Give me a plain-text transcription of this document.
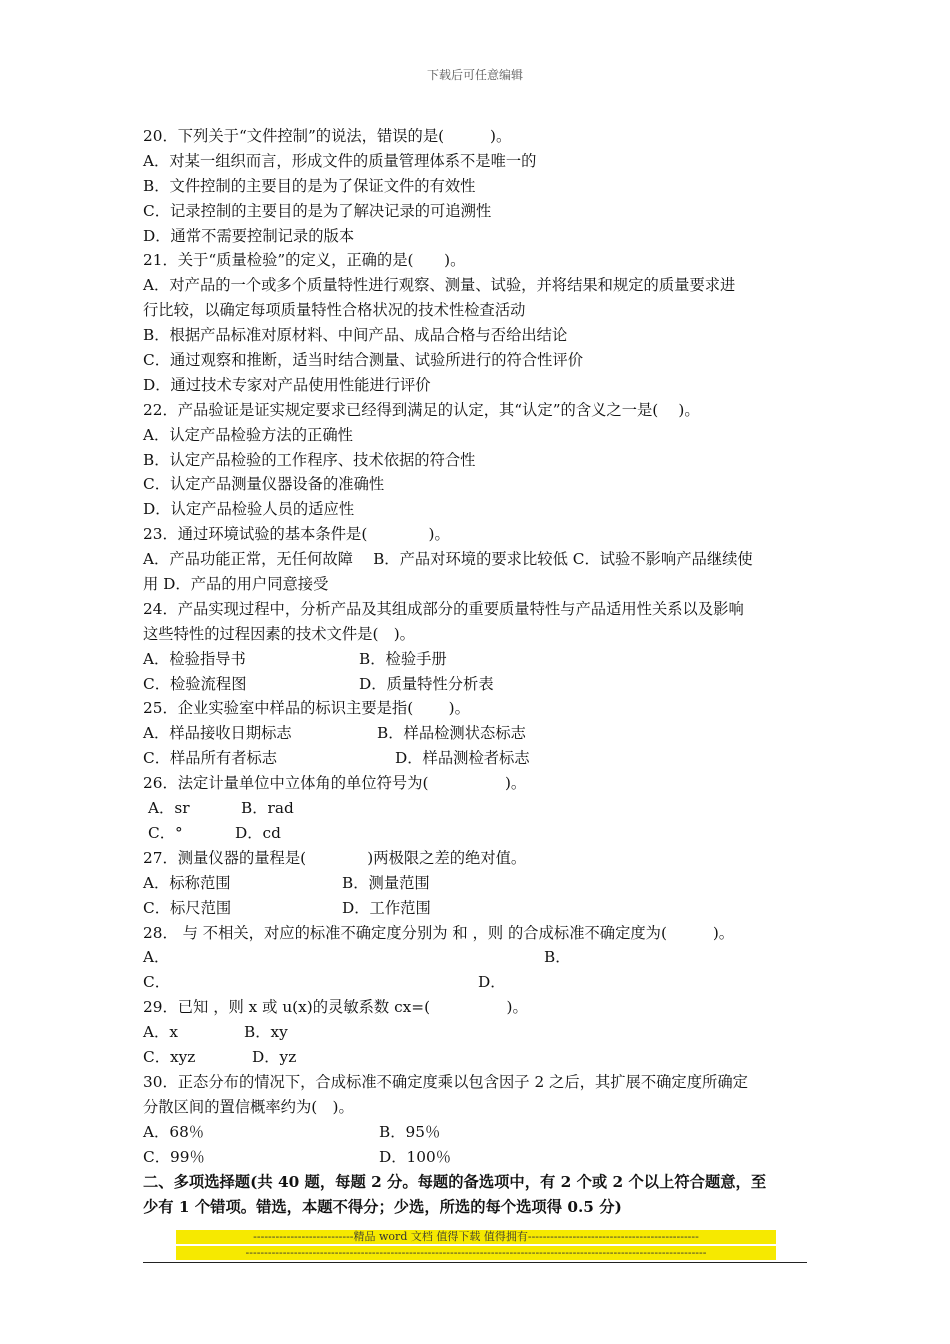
下载后可任意编辑
20．下列关于“文件控制”的说法，错误的是(　　　)。
A．对某一组织而言，形成文件的质量管理体系不是唯一的
B．文件控制的主要目的是为了保证文件的有效性
C．记录控制的主要目的是为了解决记录的可追溯性
D．通常不需要控制记录的版本
21．关于“质量检验”的定义，正确的是(　　)。
A．对产品的一个或多个质量特性进行观察、测量、试验，并将结果和规定的质量要求进
行比较，以确定每项质量特性合格状况的技术性检查活动
B．根据产品标准对原材料、中间产品、成品合格与否给出结论
C．通过观察和推断，适当时结合测量、试验所进行的符合性评价
D．通过技术专家对产品使用性能进行评价
22．产品验证是证实规定要求已经得到满足的认定，其“认定”的含义之一是(　 )。
A．认定产品检验方法的正确性
B．认定产品检验的工作程序、技术依据的符合性
C．认定产品测量仪器设备的准确性
D．认定产品检验人员的适应性
23．通过环境试验的基本条件是(　　　　)。
A．产品功能正常，无任何故障　 B．产品对环境的要求比较低 C．试验不影响产品继续使
用 D．产品的用户同意接受
24．产品实现过程中，分析产品及其组成部分的重要质量特性与产品适用性关系以及影响
这些特性的过程因素的技术文件是(　)。
A．检验指导书	B．检验手册
C．检验流程图	D．质量特性分析表
25．企业实验室中样品的标识主要是指(　　 )。
A．样品接收日期标志	B．样品检测状态标志
C．样品所有者标志	D．样品测检者标志
26．法定计量单位中立体角的单位符号为(　　　　　)。
A．sr	B．rad
C．°	D．cd
27．测量仪器的量程是(　　　　)两极限之差的绝对值。
A．标称范围	B．测量范围
C．标尺范围	D．工作范围
28． 与 不相关，对应的标准不确定度分别为 和 ，则 的合成标准不确定度为(　　　)。
A．	B．
C．	D．
29．已知 ，则 x 或 u(x)的灵敏系数 cx=(　　　　　)。
A．x	B．xy
C．xyz	D．yz
30．正态分布的情况下，合成标准不确定度乘以包含因子 2 之后，其扩展不确定度所确定
分散区间的置信概率约为(　)。
A．68％	B．95％
C．99％	D．100％
二、多项选择题(共 40 题，每题 2 分。每题的备选项中，有 2 个或 2 个以上符合题意，至
少有 1 个错项。错选，本题不得分；少选，所选的每个选项得 0.5 分)
---------------------------精品 word 文档 值得下载 值得拥有----------------------------------------------
----------------------------------------------------------------------------------------------------------------------------
